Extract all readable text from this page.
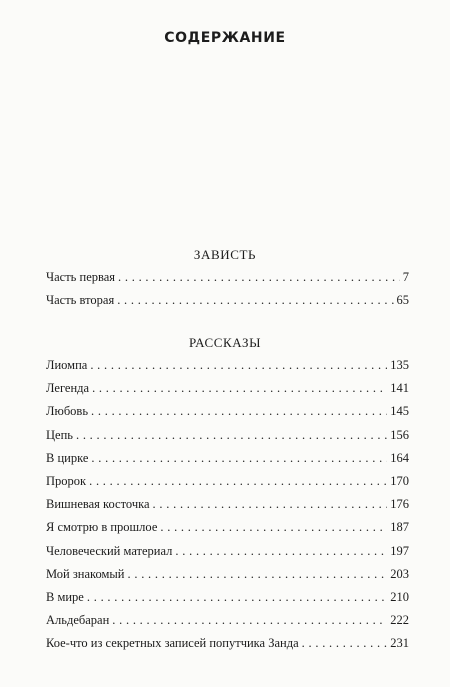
СОДЕРЖАНИЕ
ЗАВИСТЬ
Часть первая . . .	7
Часть вторая . . .	65
РАССКАЗЫ
Лиомпа . . .	135
Легенда . . .	141
Любовь . . .	145
Цепь . . .	156
В цирке . . .	164
Пророк . . .	170
Вишневая косточка . . .	176
Я смотрю в прошлое . . .	187
Человеческий материал . . .	197
Мой знакомый . . .	203
В мире . . .	210
Альдебаран . . .	222
Кое-что из секретных записей попутчика Занда . . .	231
